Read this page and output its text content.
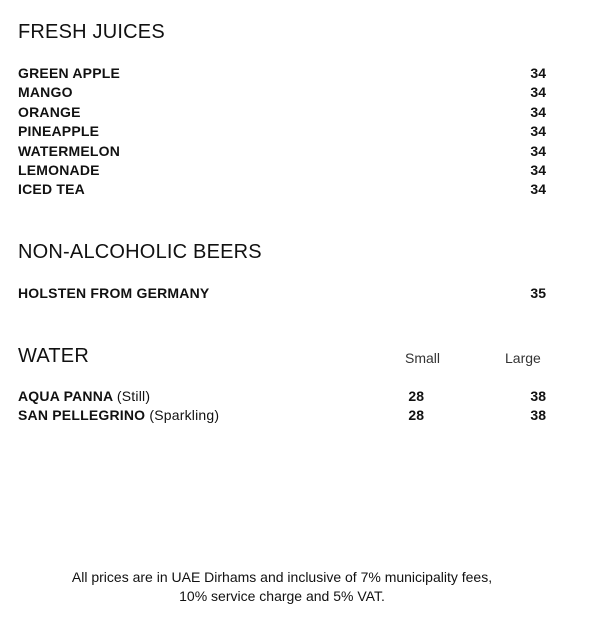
FRESH JUICES
GREEN APPLE	34
MANGO	34
ORANGE	34
PINEAPPLE	34
WATERMELON	34
LEMONADE	34
ICED TEA	34
NON-ALCOHOLIC BEERS
HOLSTEN FROM GERMANY	35
WATER	Small	Large
AQUA PANNA (Still)	28	38
SAN PELLEGRINO (Sparkling)	28	38
All prices are in UAE Dirhams and inclusive of 7% municipality fees,
10% service charge and 5% VAT.
